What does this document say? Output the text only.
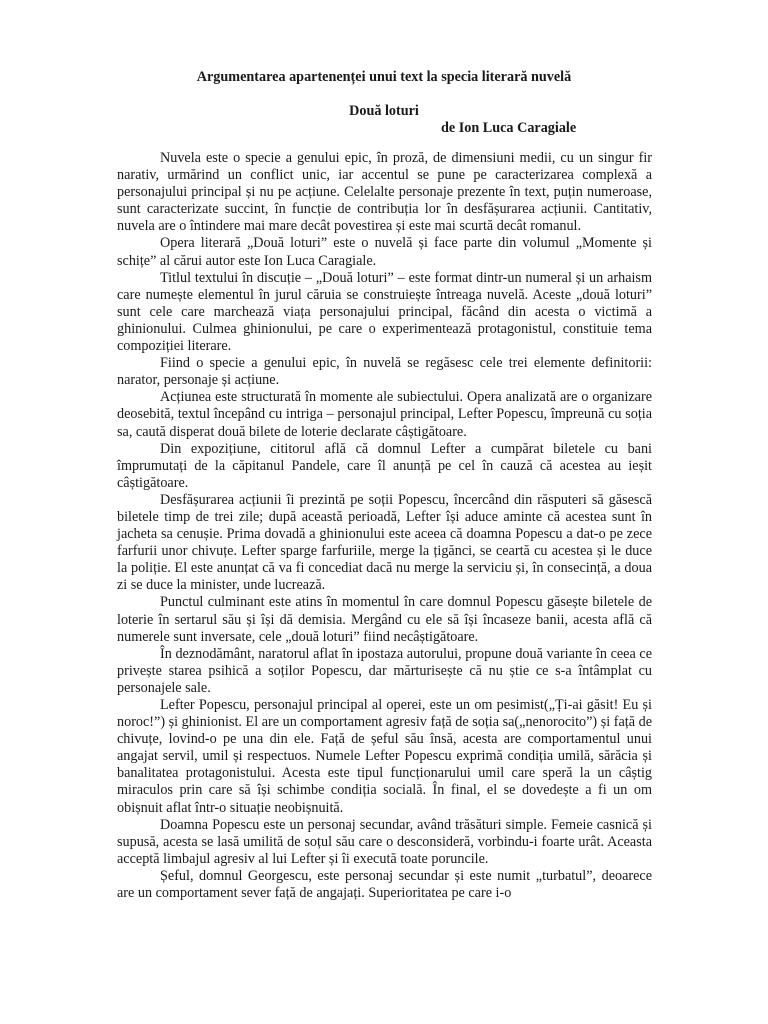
Argumentarea apartenenței unui text la specia literară nuvelă
Două loturi
de Ion Luca Caragiale

Nuvela este o specie a genului epic, în proză, de dimensiuni medii, cu un singur fir narativ, urmărind un conflict unic, iar accentul se pune pe caracterizarea complexă a personajului principal și nu pe acțiune. Celelalte personaje prezente în text, puțin numeroase, sunt caracterizate succint, în funcție de contribuția lor în desfășurarea acțiunii. Cantitativ, nuvela are o întindere mai mare decât povestirea și este mai scurtă decât romanul.

Opera literară „Două loturi” este o nuvelă și face parte din volumul „Momente și schițe” al cărui autor este Ion Luca Caragiale.

Titlul textului în discuție – „Două loturi” – este format dintr-un numeral și un arhaism care numește elementul în jurul căruia se construiește întreaga nuvelă. Aceste „două loturi” sunt cele care marchează viața personajului principal, făcând din acesta o victimă a ghinionului. Culmea ghinionului, pe care o experimentează protagonistul, constituie tema compoziției literare.

Fiind o specie a genului epic, în nuvelă se regăsesc cele trei elemente definitorii: narator, personaje și acțiune.

Acțiunea este structurată în momente ale subiectului. Opera analizată are o organizare deosebită, textul începând cu intriga – personajul principal, Lefter Popescu, împreună cu soția sa, caută disperat două bilete de loterie declarate câștigătoare.

Din expozițiune, cititorul află că domnul Lefter a cumpărat biletele cu bani împrumutați de la căpitanul Pandele, care îl anunță pe cel în cauză că acestea au ieșit câștigătoare.

Desfășurarea acțiunii îi prezintă pe soții Popescu, încercând din răsputeri să găsescă biletele timp de trei zile; după această perioadă, Lefter își aduce aminte că acestea sunt în jacheta sa cenușie. Prima dovadă a ghinionului este aceea că doamna Popescu a dat-o pe zece farfurii unor chivuțe. Lefter sparge farfuriile, merge la țigănci, se ceartă cu acestea și le duce la poliție. El este anunțat că va fi concediat dacă nu merge la serviciu și, în consecință, a doua zi se duce la minister, unde lucrează.

Punctul culminant este atins în momentul în care domnul Popescu găsește biletele de loterie în sertarul său și își dă demisia. Mergând cu ele să își încaseze banii, acesta află că numerele sunt inversate, cele „două loturi” fiind necâștigătoare.

În deznodământ, naratorul aflat în ipostaza autorului, propune două variante în ceea ce privește starea psihică a soților Popescu, dar mărturisește că nu știe ce s-a întâmplat cu personajele sale.

Lefter Popescu, personajul principal al operei, este un om pesimist(„Ți-ai găsit! Eu și noroc!”) și ghinionist. El are un comportament agresiv față de soția sa(„nenorocito”) și față de chivuțe, lovind-o pe una din ele. Față de șeful său însă, acesta are comportamentul unui angajat servil, umil și respectuos. Numele Lefter Popescu exprimă condiția umilă, sărăcia și banalitatea protagonistului. Acesta este tipul funcționarului umil care speră la un câștig miraculos prin care să își schimbe condiția socială. În final, el se dovedește a fi un om obișnuit aflat într-o situație neobișnuită.

Doamna Popescu este un personaj secundar, având trăsături simple. Femeie casnică și supusă, acesta se lasă umilită de soțul său care o desconsideră, vorbindu-i foarte urât. Aceasta acceptă limbajul agresiv al lui Lefter și îi execută toate poruncile.

Șeful, domnul Georgescu, este personaj secundar și este numit „turbatul”, deoarece are un comportament sever față de angajați. Superioritatea pe care i-o
